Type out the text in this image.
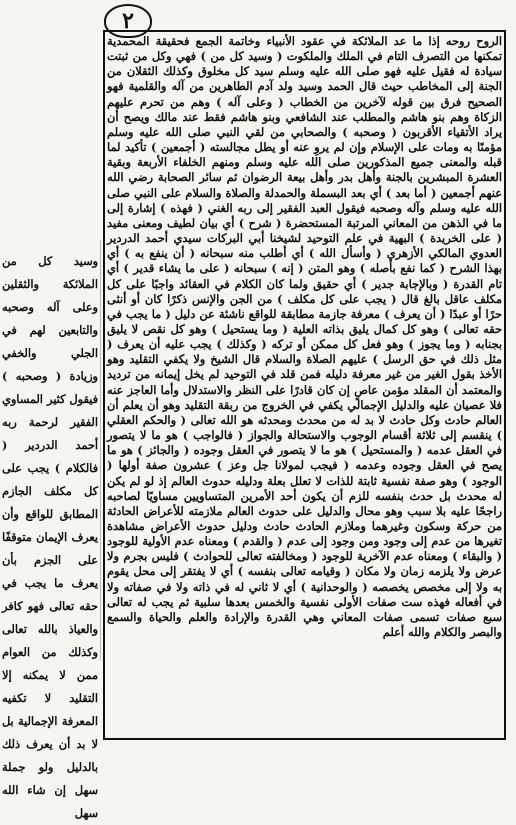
٢

الروح روحه إذا ما عد الملائكة في عقود الأنبياء وخاتمة الجمع فحقيقة المحمدية تمكنها من التصرف التام في الملك والملكوت ( وسيد كل من ) فهي وكل من ثبتت سيادة له فقيل عليه فهو صلى الله عليه وسلم سيد كل مخلوق وكذلك الثقلان من الجنة إلى المخاطب حيث قال الحمد وسيد ولد آدم الطاهرين من آله والقلمية فهو الصحيح فرق بين قوله لآخرين من الخطاب ( وعلى آله ) وهم من تحرم عليهم الزكاة وهم بنو هاشم والمطلب عند الشافعي وبنو هاشم فقط عند مالك ويصح أن يراد الأتقياء الأقربون ( وصحبه ) والصحابي من لقي النبي صلى الله عليه وسلم مؤمنًا به ومات على الإسلام وإن لم يروِ عنه أو يطل مجالسته ( أجمعين ) تأكيد لما قبله والمعنى جميع المذكورين صلى الله عليه وسلم ومنهم الخلفاء الأربعة وبقية العشرة المبشرين بالجنة وأهل بدر وأهل بيعة الرضوان ثم سائر الصحابة رضي الله عنهم أجمعين ( أما بعد ) أي بعد البسملة والحمدلة والصلاة والسلام على النبي صلى الله عليه وسلم وآله وصحبه فيقول العبد الفقير إلى ربه الغني ( فهذه ) إشارة إلى ما في الذهن من المعاني المرتبة المستحضرة ( شرح ) أي بيان لطيف ومعنى مفيد ( على الخريدة ) البهية في علم التوحيد لشيخنا أبي البركات سيدي أحمد الدردير العدوي المالكي الأزهري ( وأسأل الله ) أي أطلب منه سبحانه ( أن ينفع به ) أي بهذا الشرح ( كما نفع بأصله ) وهو المتن ( إنه ) سبحانه ( على ما يشاء قدير ) أي تام القدرة ( وبالإجابة جدير ) أي حقيق ولما كان الكلام في العقائد واجبًا على كل مكلف عاقل بالغ قال ( يجب على كل مكلف ) من الجن والإنس ذكرًا كان أو أنثى حرًا أو عبدًا ( أن يعرف ) معرفة جازمة مطابقة للواقع ناشئة عن دليل ( ما يجب في حقه تعالى ) وهو كل كمال يليق بذاته العلية ( وما يستحيل ) وهو كل نقص لا يليق بجنابه ( وما يجوز ) وهو فعل كل ممكن أو تركه ( وكذلك ) يجب عليه أن يعرف ( مثل ذلك في حق الرسل ) عليهم الصلاة والسلام قال الشيخ ولا يكفي التقليد وهو الأخذ بقول الغير من غير معرفة دليله فمن قلد في التوحيد لم يخل إيمانه من ترديد والمعتمد أن المقلد مؤمن عاصٍ إن كان قادرًا على النظر والاستدلال وأما العاجز عنه فلا عصيان عليه والدليل الإجمالي يكفي في الخروج من ربقة التقليد وهو أن يعلم أن العالم حادث وكل حادث لا بد له من محدث ومحدثه هو الله تعالى ( والحكم العقلي ) ينقسم إلى ثلاثة أقسام الوجوب والاستحالة والجواز ( فالواجب ) هو ما لا يتصور في العقل عدمه ( والمستحيل ) هو ما لا يتصور في العقل وجوده ( والجائز ) هو ما يصح في العقل وجوده وعدمه ( فيجب لمولانا جل وعز ) عشرون صفة أولها ( الوجود ) وهو صفة نفسية ثابتة للذات لا تعلل بعلة ودليله حدوث العالم إذ لو لم يكن له محدث بل حدث بنفسه للزم أن يكون أحد الأمرين المتساويين مساويًا لصاحبه راجحًا عليه بلا سبب وهو محال والدليل على حدوث العالم ملازمته للأعراض الحادثة من حركة وسكون وغيرهما وملازم الحادث حادث ودليل حدوث الأعراض مشاهدة تغيرها من عدم إلى وجود ومن وجود إلى عدم ( والقدم ) ومعناه عدم الأولية للوجود ( والبقاء ) ومعناه عدم الآخرية للوجود ( ومخالفته تعالى للحوادث ) فليس بجرم ولا عرض ولا يلزمه زمان ولا مكان ( وقيامه تعالى بنفسه ) أي لا يفتقر إلى محل يقوم به ولا إلى مخصص يخصصه ( والوحدانية ) أي لا ثاني له في ذاته ولا في صفاته ولا في أفعاله فهذه ست صفات الأولى نفسية والخمس بعدها سلبية ثم يجب له تعالى سبع صفات تسمى صفات المعاني وهي القدرة والإرادة والعلم والحياة والسمع والبصر والكلام والله أعلم

وسيد كل من الملائكة والثقلين وعلى آله وصحبه والتابعين لهم في الجلي والخفي وزيادة ( وصحبه ) فيقول كثير المساوي الفقير لرحمة ربه أحمد الدردير ( فالكلام ) يجب على كل مكلف الجازم المطابق للواقع وأن يعرف الإيمان متوقفًا على الجزم بأن يعرف ما يجب في حقه تعالى فهو كافر والعياذ بالله تعالى وكذلك من العوام ممن لا يمكنه إلا التقليد لا تكفيه المعرفة الإجمالية بل لا بد أن يعرف ذلك بالدليل ولو جملة سهل إن شاء الله سهل
